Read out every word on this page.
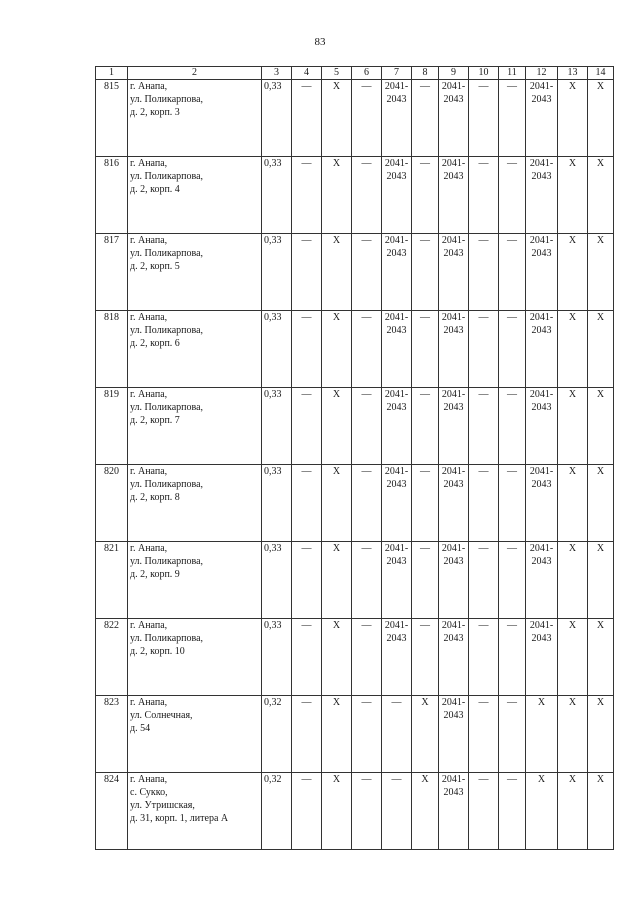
83
1	2	3	4	5	6	7	8	9	10	11	12	13	14
815	г. Анапа,
ул. Поликарпова,
д. 2, корп. 3	0,33	—	Х	—	2041-
2043	—	2041-
2043	—	—	2041-
2043	Х	Х
816	г. Анапа,
ул. Поликарпова,
д. 2, корп. 4	0,33	—	Х	—	2041-
2043	—	2041-
2043	—	—	2041-
2043	Х	Х
817	г. Анапа,
ул. Поликарпова,
д. 2, корп. 5	0,33	—	Х	—	2041-
2043	—	2041-
2043	—	—	2041-
2043	Х	Х
818	г. Анапа,
ул. Поликарпова,
д. 2, корп. 6	0,33	—	Х	—	2041-
2043	—	2041-
2043	—	—	2041-
2043	Х	Х
819	г. Анапа,
ул. Поликарпова,
д. 2, корп. 7	0,33	—	Х	—	2041-
2043	—	2041-
2043	—	—	2041-
2043	Х	Х
820	г. Анапа,
ул. Поликарпова,
д. 2, корп. 8	0,33	—	Х	—	2041-
2043	—	2041-
2043	—	—	2041-
2043	Х	Х
821	г. Анапа,
ул. Поликарпова,
д. 2, корп. 9	0,33	—	Х	—	2041-
2043	—	2041-
2043	—	—	2041-
2043	Х	Х
822	г. Анапа,
ул. Поликарпова,
д. 2, корп. 10	0,33	—	Х	—	2041-
2043	—	2041-
2043	—	—	2041-
2043	Х	Х
823	г. Анапа,
ул. Солнечная,
д. 54	0,32	—	Х	—	—	Х	2041-
2043	—	—	Х	Х	Х
824	г. Анапа,
с. Сукко,
ул. Утришская,
д. 31, корп. 1, литера А	0,32	—	Х	—	—	Х	2041-
2043	—	—	Х	Х	Х
